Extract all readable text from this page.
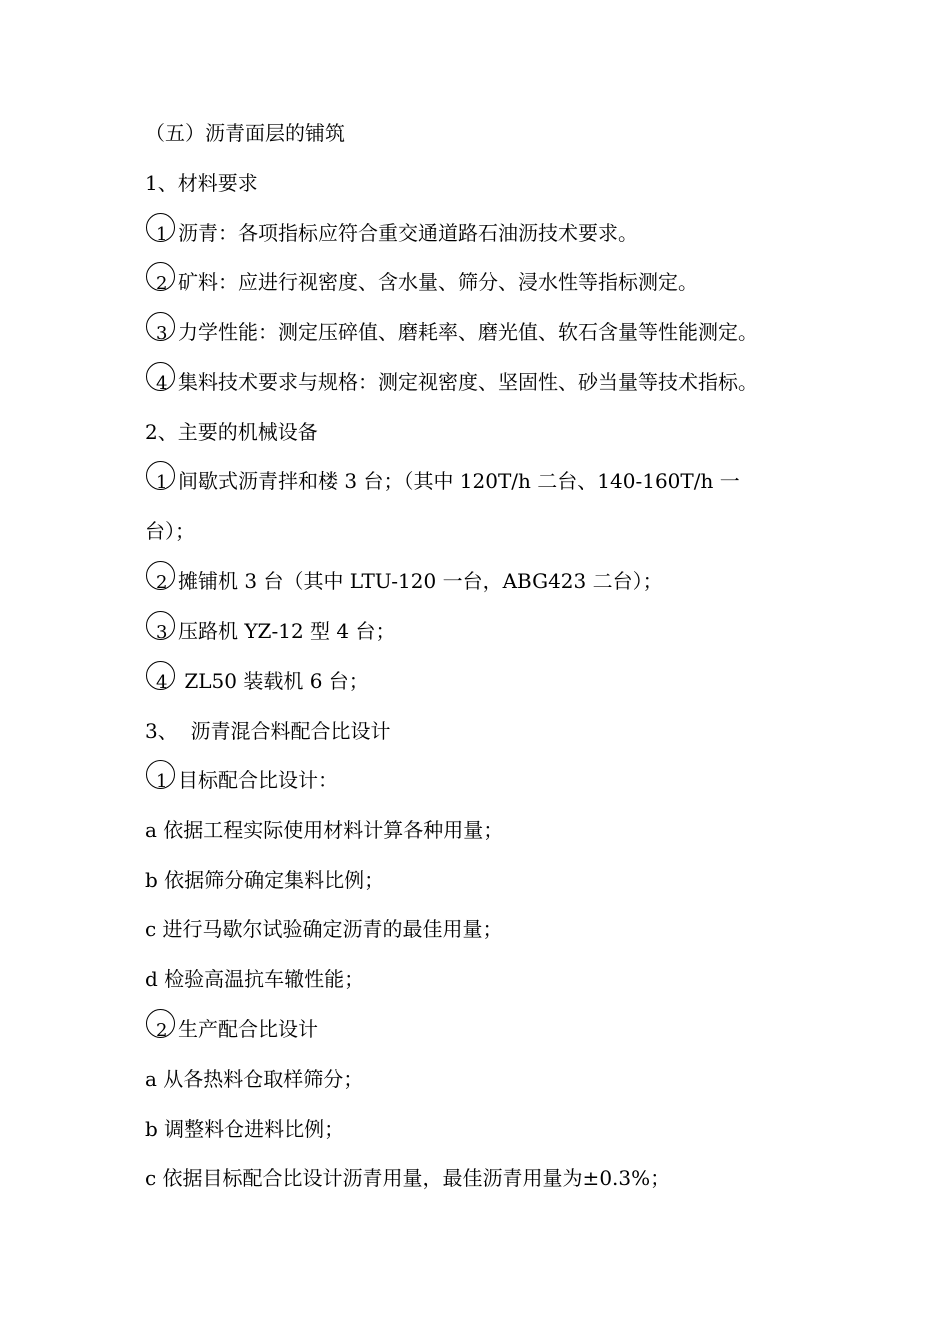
（五）沥青面层的铺筑
1、材料要求
1 沥青：各项指标应符合重交通道路石油沥技术要求。
2 矿料：应进行视密度、含水量、筛分、浸水性等指标测定。
3 力学性能：测定压碎值、磨耗率、磨光值、软石含量等性能测定。
4 集料技术要求与规格：测定视密度、坚固性、砂当量等技术指标。
2、主要的机械设备
1 间歇式沥青拌和楼 3 台；（其中 120T/h 二台、140-160T/h 一
台）；
2 摊铺机 3 台（其中 LTU-120 一台，ABG423 二台）；
3 压路机 YZ-12 型 4 台；
4 ZL50 装载机 6 台；
3、  沥青混合料配合比设计
1 目标配合比设计：
a 依据工程实际使用材料计算各种用量；
b 依据筛分确定集料比例；
c 进行马歇尔试验确定沥青的最佳用量；
d 检验高温抗车辙性能；
2 生产配合比设计
a 从各热料仓取样筛分；
b 调整料仓进料比例；
c 依据目标配合比设计沥青用量，最佳沥青用量为±0.3%；
